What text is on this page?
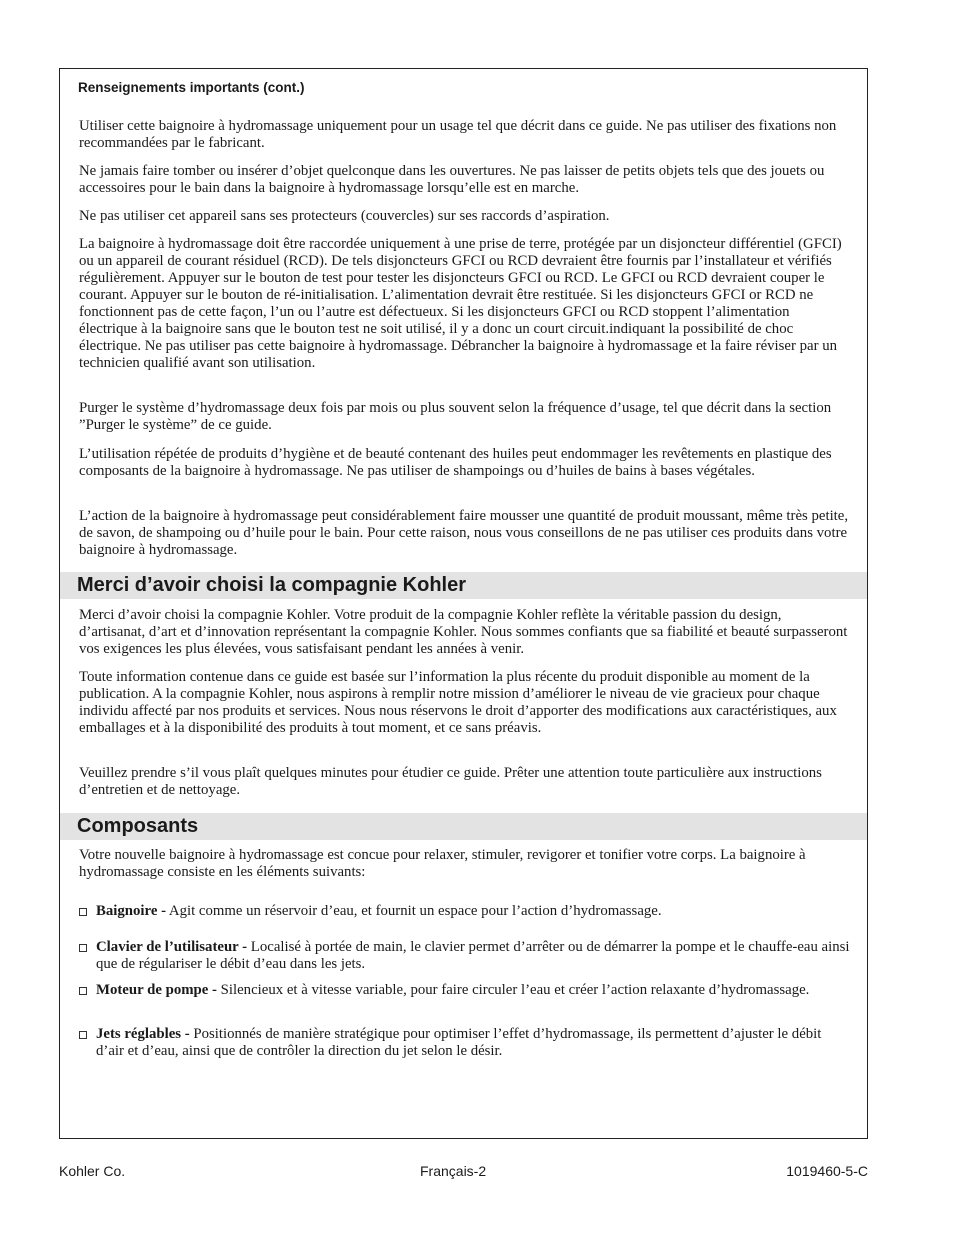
Renseignements importants (cont.)

Utiliser cette baignoire à hydromassage uniquement pour un usage tel que décrit dans ce guide. Ne pas utiliser des fixations non recommandées par le fabricant.

Ne jamais faire tomber ou insérer d’objet quelconque dans les ouvertures. Ne pas laisser de petits objets tels que des jouets ou accessoires pour le bain dans la baignoire à hydromassage lorsqu’elle est en marche.

Ne pas utiliser cet appareil sans ses protecteurs (couvercles) sur ses raccords d’aspiration.

La baignoire à hydromassage doit être raccordée uniquement à une prise de terre, protégée par un disjoncteur différentiel (GFCI) ou un appareil de courant résiduel (RCD). De tels disjoncteurs GFCI ou RCD devraient être fournis par l’installateur et vérifiés régulièrement. Appuyer sur le bouton de test pour tester les disjoncteurs GFCI ou RCD. Le GFCI ou RCD devraient couper le courant. Appuyer sur le bouton de ré-initialisation. L’alimentation devrait être restituée. Si les disjoncteurs GFCI or RCD ne fonctionnent pas de cette façon, l’un ou l’autre est défectueux. Si les disjoncteurs GFCI ou RCD stoppent l’alimentation électrique à la baignoire sans que le bouton test ne soit utilisé, il y a donc un court circuit.indiquant la possibilité de choc électrique. Ne pas utiliser pas cette baignoire à hydromassage. Débrancher la baignoire à hydromassage et la faire réviser par un technicien qualifié avant son utilisation.

Purger le système d’hydromassage deux fois par mois ou plus souvent selon la fréquence d’usage, tel que décrit dans la section ”Purger le système” de ce guide.

L’utilisation répétée de produits d’hygiène et de beauté contenant des huiles peut endommager les revêtements en plastique des composants de la baignoire à hydromassage. Ne pas utiliser de shampoings ou d’huiles de bains à bases végétales.

L’action de la baignoire à hydromassage peut considérablement faire mousser une quantité de produit moussant, même très petite, de savon, de shampoing ou d’huile pour le bain. Pour cette raison, nous vous conseillons de ne pas utiliser ces produits dans votre baignoire à hydromassage.

Merci d’avoir choisi la compagnie Kohler

Merci d’avoir choisi la compagnie Kohler. Votre produit de la compagnie Kohler reflète la véritable passion du design, d’artisanat, d’art et d’innovation représentant la compagnie Kohler. Nous sommes confiants que sa fiabilité et beauté surpasseront vos exigences les plus élevées, vous satisfaisant pendant les années à venir.

Toute information contenue dans ce guide est basée sur l’information la plus récente du produit disponible au moment de la publication. A la compagnie Kohler, nous aspirons à remplir notre mission d’améliorer le niveau de vie gracieux pour chaque individu affecté par nos produits et services. Nous nous réservons le droit d’apporter des modifications aux caractéristiques, aux emballages et à la disponibilité des produits à tout moment, et ce sans préavis.

Veuillez prendre s’il vous plaît quelques minutes pour étudier ce guide. Prêter une attention toute particulière aux instructions d’entretien et de nettoyage.

Composants

Votre nouvelle baignoire à hydromassage est concue pour relaxer, stimuler, revigorer et tonifier votre corps. La baignoire à hydromassage consiste en les éléments suivants:

Baignoire - Agit comme un réservoir d’eau, et fournit un espace pour l’action d’hydromassage.

Clavier de l’utilisateur - Localisé à portée de main, le clavier permet d’arrêter ou de démarrer la pompe et le chauffe-eau ainsi que de régulariser le débit d’eau dans les jets.

Moteur de pompe - Silencieux et à vitesse variable, pour faire circuler l’eau et créer l’action relaxante d’hydromassage.

Jets réglables - Positionnés de manière stratégique pour optimiser l’effet d’hydromassage, ils permettent d’ajuster le débit d’air et d’eau, ainsi que de contrôler la direction du jet selon le désir.

Kohler Co.	Français-2	1019460-5-C
